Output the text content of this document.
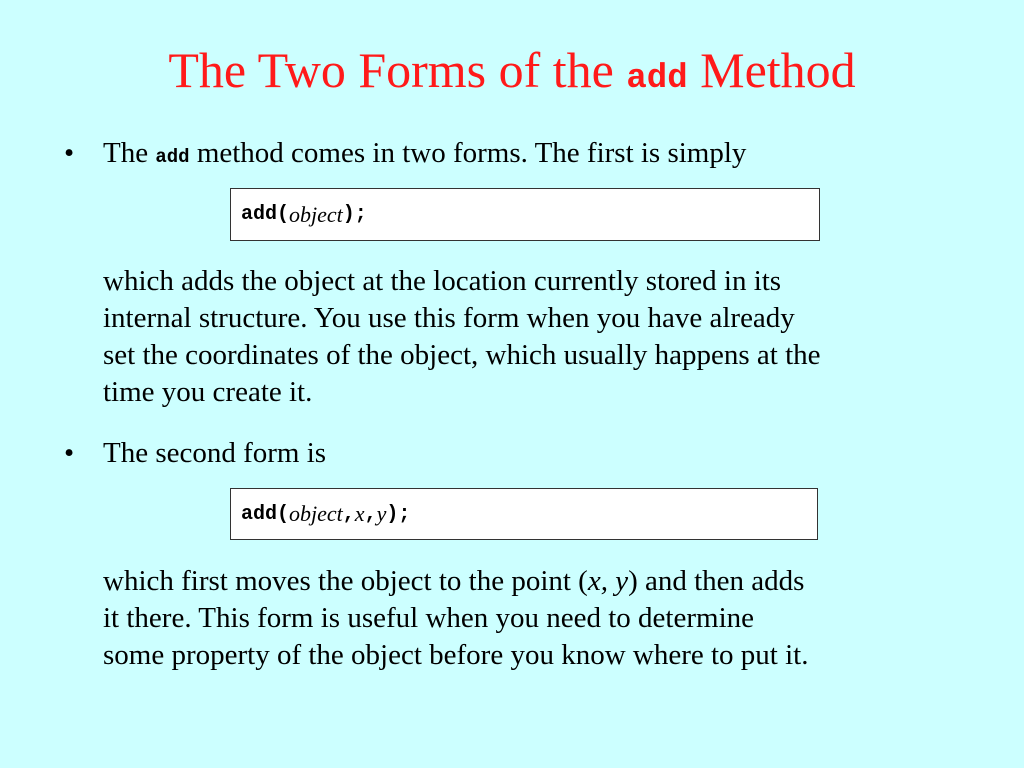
The Two Forms of the add Method
• The add method comes in two forms. The first is simply
add( object );
which adds the object at the location currently stored in its
internal structure. You use this form when you have already
set the coordinates of the object, which usually happens at the
time you create it.
• The second form is
add( object , x , y );
which first moves the object to the point (x, y) and then adds
it there. This form is useful when you need to determine
some property of the object before you know where to put it.
